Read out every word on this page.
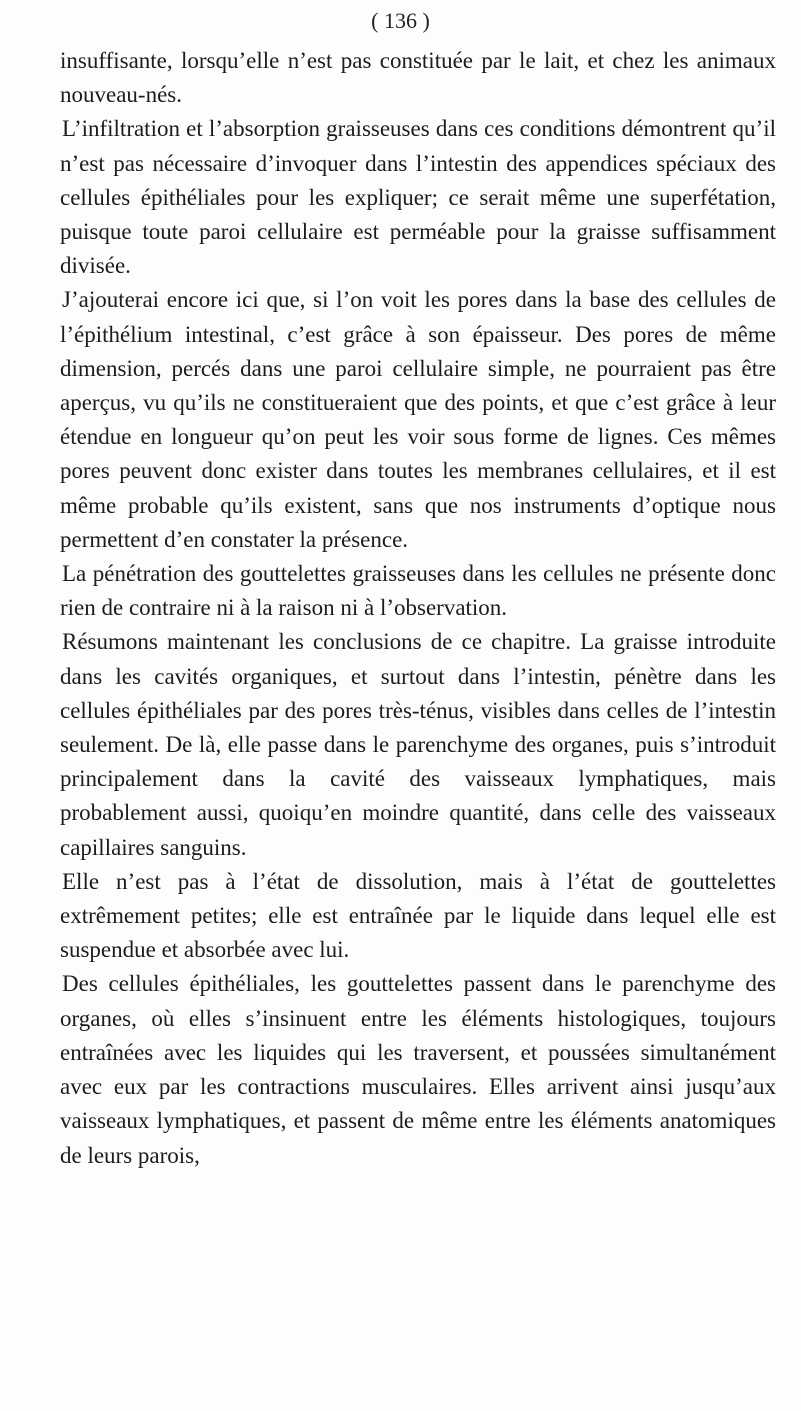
( 136 )

insuffisante, lorsqu’elle n’est pas constituée par le lait, et chez les animaux nouveau-nés.

L’infiltration et l’absorption graisseuses dans ces conditions démontrent qu’il n’est pas nécessaire d’invoquer dans l’intestin des appendices spéciaux des cellules épithéliales pour les expliquer; ce serait même une superfétation, puisque toute paroi cellulaire est perméable pour la graisse suffisamment divisée.

J’ajouterai encore ici que, si l’on voit les pores dans la base des cellules de l’épithélium intestinal, c’est grâce à son épaisseur. Des pores de même dimension, percés dans une paroi cellulaire simple, ne pourraient pas être aperçus, vu qu’ils ne constitueraient que des points, et que c’est grâce à leur étendue en longueur qu’on peut les voir sous forme de lignes. Ces mêmes pores peuvent donc exister dans toutes les membranes cellulaires, et il est même probable qu’ils existent, sans que nos instruments d’optique nous permettent d’en constater la présence.

La pénétration des gouttelettes graisseuses dans les cellules ne présente donc rien de contraire ni à la raison ni à l’observation.

Résumons maintenant les conclusions de ce chapitre. La graisse introduite dans les cavités organiques, et surtout dans l’intestin, pénètre dans les cellules épithéliales par des pores très-ténus, visibles dans celles de l’intestin seulement. De là, elle passe dans le parenchyme des organes, puis s’introduit principalement dans la cavité des vaisseaux lymphatiques, mais probablement aussi, quoiqu’en moindre quantité, dans celle des vaisseaux capillaires sanguins.

Elle n’est pas à l’état de dissolution, mais à l’état de gouttelettes extrêmement petites; elle est entraînée par le liquide dans lequel elle est suspendue et absorbée avec lui.

Des cellules épithéliales, les gouttelettes passent dans le parenchyme des organes, où elles s’insinuent entre les éléments histologiques, toujours entraînées avec les liquides qui les traversent, et poussées simultanément avec eux par les contractions musculaires. Elles arrivent ainsi jusqu’aux vaisseaux lymphatiques, et passent de même entre les éléments anatomiques de leurs parois,
